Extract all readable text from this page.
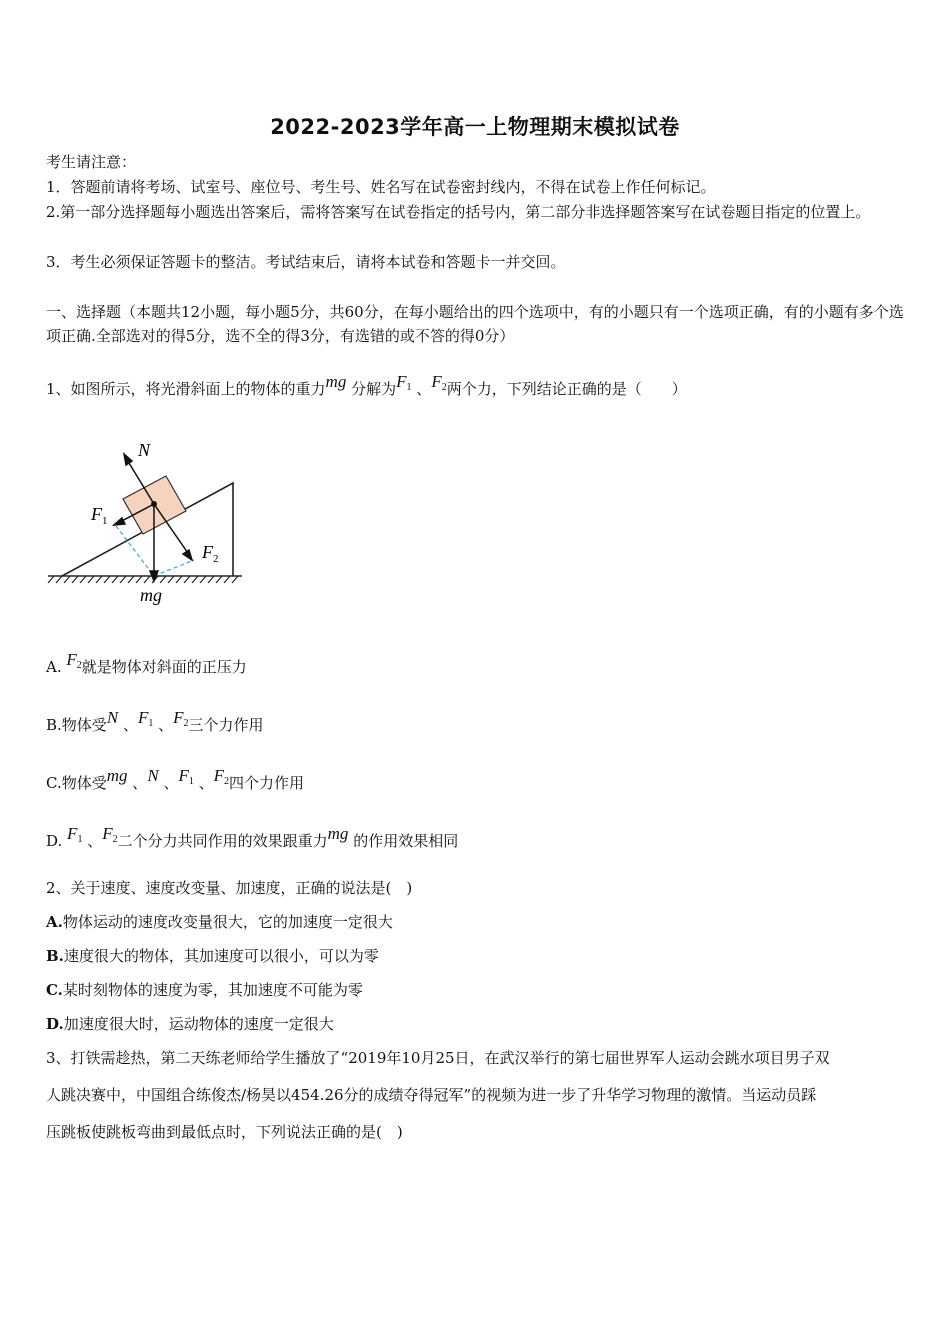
2022-2023学年高一上物理期末模拟试卷
考生请注意：
1．答题前请将考场、试室号、座位号、考生号、姓名写在试卷密封线内，不得在试卷上作任何标记。
2.第一部分选择题每小题选出答案后，需将答案写在试卷指定的括号内，第二部分非选择题答案写在试卷题目指定的位置上。
3．考生必须保证答题卡的整洁。考试结束后，请将本试卷和答题卡一并交回。
一、选择题（本题共12小题，每小题5分，共60分，在每小题给出的四个选项中，有的小题只有一个选项正确，有的小题有多个选项正确.全部选对的得5分，选不全的得3分，有选错的或不答的得0分）
1、如图所示，将光滑斜面上的物体的重力mg 分解为$F_1$ 、$F_2$两个力，下列结论正确的是（　　）
N
$F_1$
$F_2$
mg
A. $F_2$就是物体对斜面的正压力
B.物体受N 、$F_1$ 、$F_2$三个力作用
C.物体受mg 、N 、$F_1$ 、$F_2$四个力作用
D. $F_1$ 、$F_2$二个分力共同作用的效果跟重力mg 的作用效果相同
2、关于速度、速度改变量、加速度，正确的说法是(　)
A.物体运动的速度改变量很大，它的加速度一定很大
B.速度很大的物体，其加速度可以很小，可以为零
C.某时刻物体的速度为零，其加速度不可能为零
D.加速度很大时，运动物体的速度一定很大
3、打铁需趁热，第二天练老师给学生播放了“2019年10月25日，在武汉举行的第七届世界军人运动会跳水项目男子双
人跳决赛中，中国组合练俊杰/杨昊以454.26分的成绩夺得冠军”的视频为进一步了升华学习物理的激情。当运动员踩
压跳板使跳板弯曲到最低点时，下列说法正确的是(　)
